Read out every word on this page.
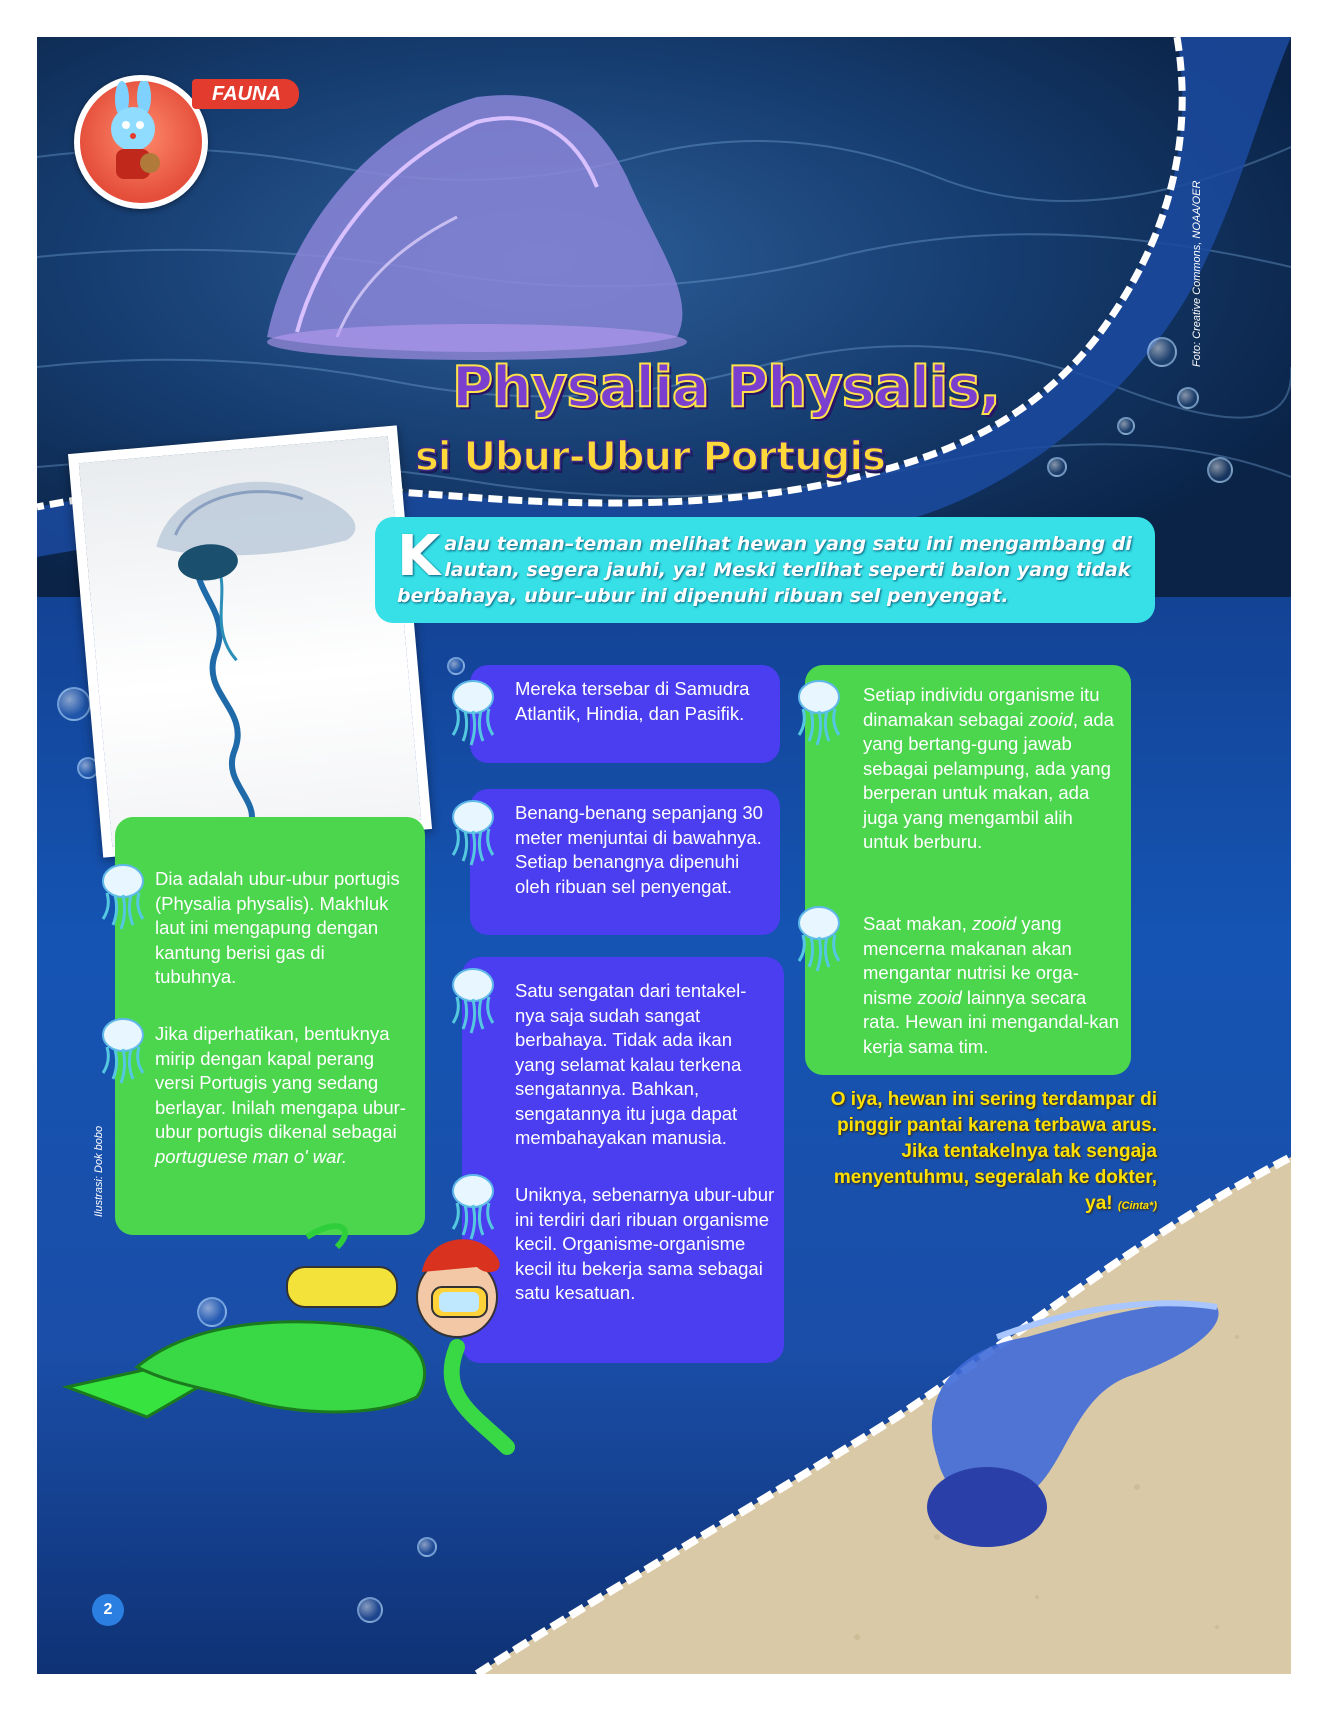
FAUNA
Physalia Physalis,
si Ubur-Ubur Portugis
Foto: Creative Commons, NOAA/OER

Kalau teman–teman melihat hewan yang satu ini mengambang di lautan, segera jauhi, ya! Meski terlihat seperti balon yang tidak berbahaya, ubur–ubur ini dipenuhi ribuan sel penyengat.

Dia adalah ubur-ubur portugis (Physalia physalis). Makhluk laut ini mengapung dengan kantung berisi gas di tubuhnya.

Jika diperhatikan, bentuknya mirip dengan kapal perang versi Portugis yang sedang berlayar. Inilah mengapa ubur-ubur portugis dikenal sebagai portuguese man o' war.

Ilustrasi: Dok bobo

Mereka tersebar di Samudra Atlantik, Hindia, dan Pasifik.

Benang-benang sepanjang 30 meter menjuntai di bawahnya. Setiap benangnya dipenuhi oleh ribuan sel penyengat.

Satu sengatan dari tentakel-nya saja sudah sangat berbahaya. Tidak ada ikan yang selamat kalau terkena sengatannya. Bahkan, sengatannya itu juga dapat membahayakan manusia.

Uniknya, sebenarnya ubur-ubur ini terdiri dari ribuan organisme kecil. Organisme-organisme kecil itu bekerja sama sebagai satu kesatuan.

Setiap individu organisme itu dinamakan sebagai zooid, ada yang bertang-gung jawab sebagai pelampung, ada yang berperan untuk makan, ada juga yang mengambil alih untuk berburu.

Saat makan, zooid yang mencerna makanan akan mengantar nutrisi ke orga-nisme zooid lainnya secara rata. Hewan ini mengandal-kan kerja sama tim.

O iya, hewan ini sering terdampar di pinggir pantai karena terbawa arus. Jika tentakelnya tak sengaja menyentuhmu, segeralah ke dokter, ya! (Cinta*)
2
